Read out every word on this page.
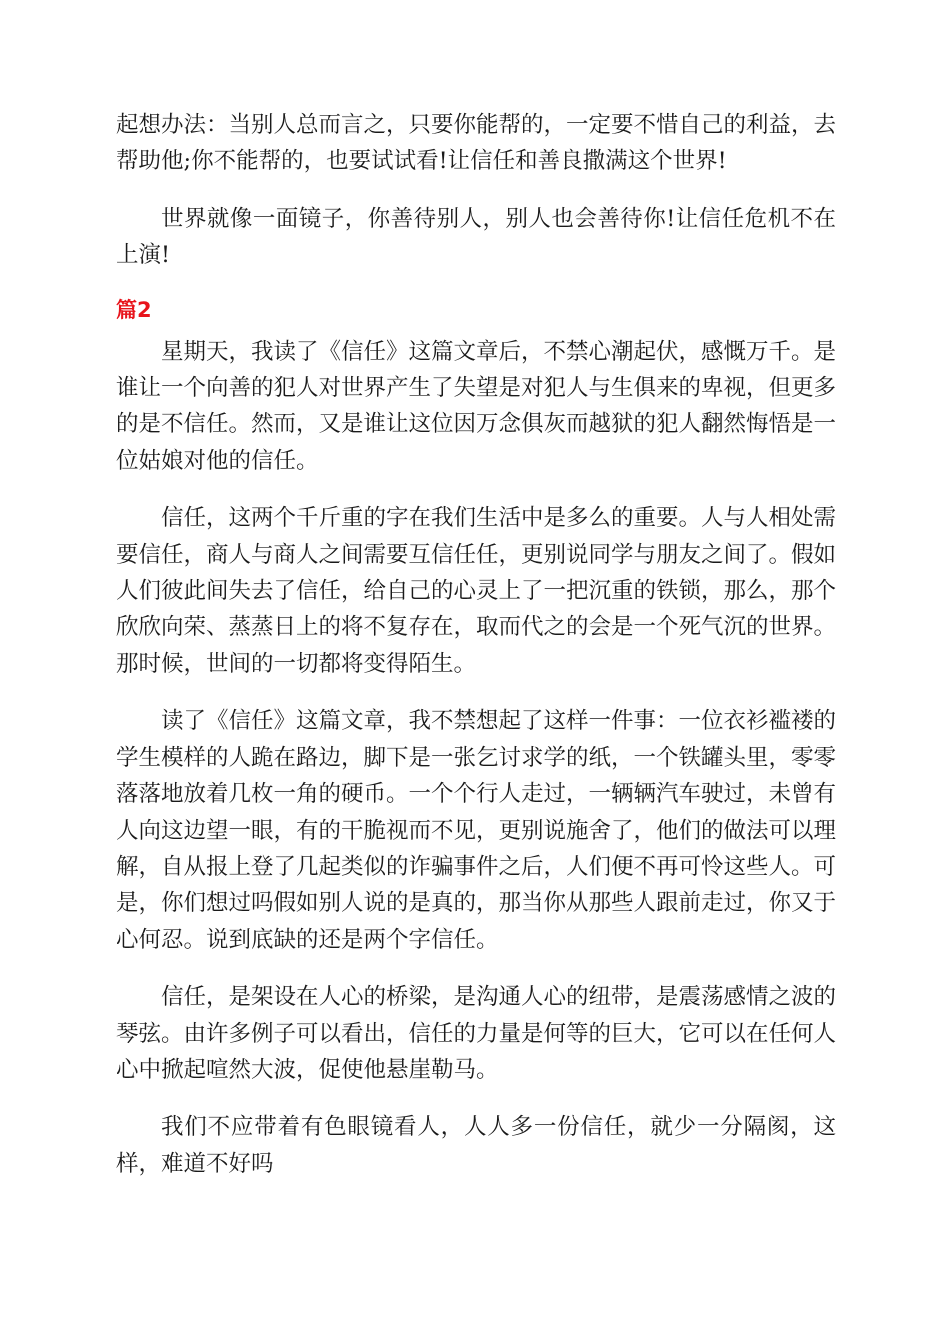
起想办法：当别人总而言之，只要你能帮的，一定要不惜自己的利益，去帮助他;你不能帮的，也要试试看!让信任和善良撒满这个世界!

世界就像一面镜子，你善待别人，别人也会善待你!让信任危机不在上演!

篇2

星期天，我读了《信任》这篇文章后，不禁心潮起伏，感慨万千。是谁让一个向善的犯人对世界产生了失望是对犯人与生俱来的卑视，但更多的是不信任。然而，又是谁让这位因万念俱灰而越狱的犯人翻然悔悟是一位姑娘对他的信任。

信任，这两个千斤重的字在我们生活中是多么的重要。人与人相处需要信任，商人与商人之间需要互信任任，更别说同学与朋友之间了。假如人们彼此间失去了信任，给自己的心灵上了一把沉重的铁锁，那么，那个欣欣向荣、蒸蒸日上的将不复存在，取而代之的会是一个死气沉的世界。那时候，世间的一切都将变得陌生。

读了《信任》这篇文章，我不禁想起了这样一件事：一位衣衫褴褛的学生模样的人跪在路边，脚下是一张乞讨求学的纸，一个铁罐头里，零零落落地放着几枚一角的硬币。一个个行人走过，一辆辆汽车驶过，未曾有人向这边望一眼，有的干脆视而不见，更别说施舍了，他们的做法可以理解，自从报上登了几起类似的诈骗事件之后，人们便不再可怜这些人。可是，你们想过吗假如别人说的是真的，那当你从那些人跟前走过，你又于心何忍。说到底缺的还是两个字信任。

信任，是架设在人心的桥梁，是沟通人心的纽带，是震荡感情之波的琴弦。由许多例子可以看出，信任的力量是何等的巨大，它可以在任何人心中掀起喧然大波，促使他悬崖勒马。

我们不应带着有色眼镜看人，人人多一份信任，就少一分隔阂，这样，难道不好吗
